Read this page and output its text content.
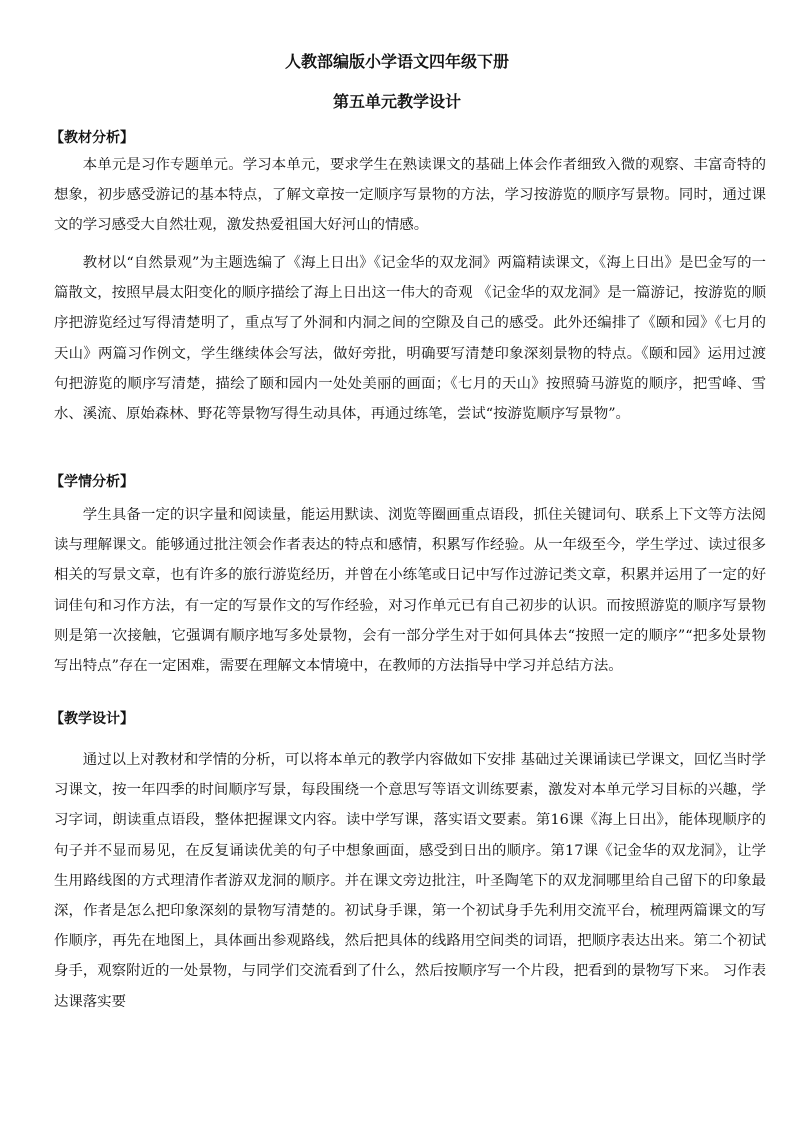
人教部编版小学语文四年级下册
第五单元教学设计
【教材分析】

本单元是习作专题单元。学习本单元，要求学生在熟读课文的基础上体会作者细致入微的观察、丰富奇特的想象，初步感受游记的基本特点，了解文章按一定顺序写景物的方法，学习按游览的顺序写景物。同时，通过课文的学习感受大自然壮观，激发热爱祖国大好河山的情感。

教材以“自然景观”为主题选编了《海上日出》《记金华的双龙洞》两篇精读课文，《海上日出》是巴金写的一篇散文，按照早晨太阳变化的顺序描绘了海上日出这一伟大的奇观 《记金华的双龙洞》是一篇游记，按游览的顺序把游览经过写得清楚明了，重点写了外洞和内洞之间的空隙及自己的感受。此外还编排了《颐和园》《七月的天山》两篇习作例文，学生继续体会写法，做好旁批，明确要写清楚印象深刻景物的特点。《颐和园》运用过渡句把游览的顺序写清楚，描绘了颐和园内一处处美丽的画面；《七月的天山》按照骑马游览的顺序，把雪峰、雪水、溪流、原始森林、野花等景物写得生动具体，再通过练笔，尝试“按游览顺序写景物”。

【学情分析】

学生具备一定的识字量和阅读量，能运用默读、浏览等圈画重点语段，抓住关键词句、联系上下文等方法阅读与理解课文。能够通过批注领会作者表达的特点和感情，积累写作经验。从一年级至今，学生学过、读过很多相关的写景文章，也有许多的旅行游览经历，并曾在小练笔或日记中写作过游记类文章，积累并运用了一定的好词佳句和习作方法，有一定的写景作文的写作经验，对习作单元已有自己初步的认识。而按照游览的顺序写景物则是第一次接触，它强调有顺序地写多处景物，会有一部分学生对于如何具体去“按照一定的顺序”“把多处景物写出特点”存在一定困难，需要在理解文本情境中，在教师的方法指导中学习并总结方法。

【教学设计】

通过以上对教材和学情的分析，可以将本单元的教学内容做如下安排 基础过关课诵读已学课文，回忆当时学习课文，按一年四季的时间顺序写景，每段围绕一个意思写等语文训练要素，激发对本单元学习目标的兴趣，学习字词，朗读重点语段，整体把握课文内容。读中学写课，落实语文要素。第16课《海上日出》，能体现顺序的句子并不显而易见，在反复诵读优美的句子中想象画面，感受到日出的顺序。第17课《记金华的双龙洞》，让学生用路线图的方式理清作者游双龙洞的顺序。并在课文旁边批注，叶圣陶笔下的双龙洞哪里给自己留下的印象最深，作者是怎么把印象深刻的景物写清楚的。初试身手课，第一个初试身手先利用交流平台，梳理两篇课文的写作顺序，再先在地图上，具体画出参观路线，然后把具体的线路用空间类的词语，把顺序表达出来。第二个初试身手，观察附近的一处景物，与同学们交流看到了什么，然后按顺序写一个片段，把看到的景物写下来。 习作表达课落实要
